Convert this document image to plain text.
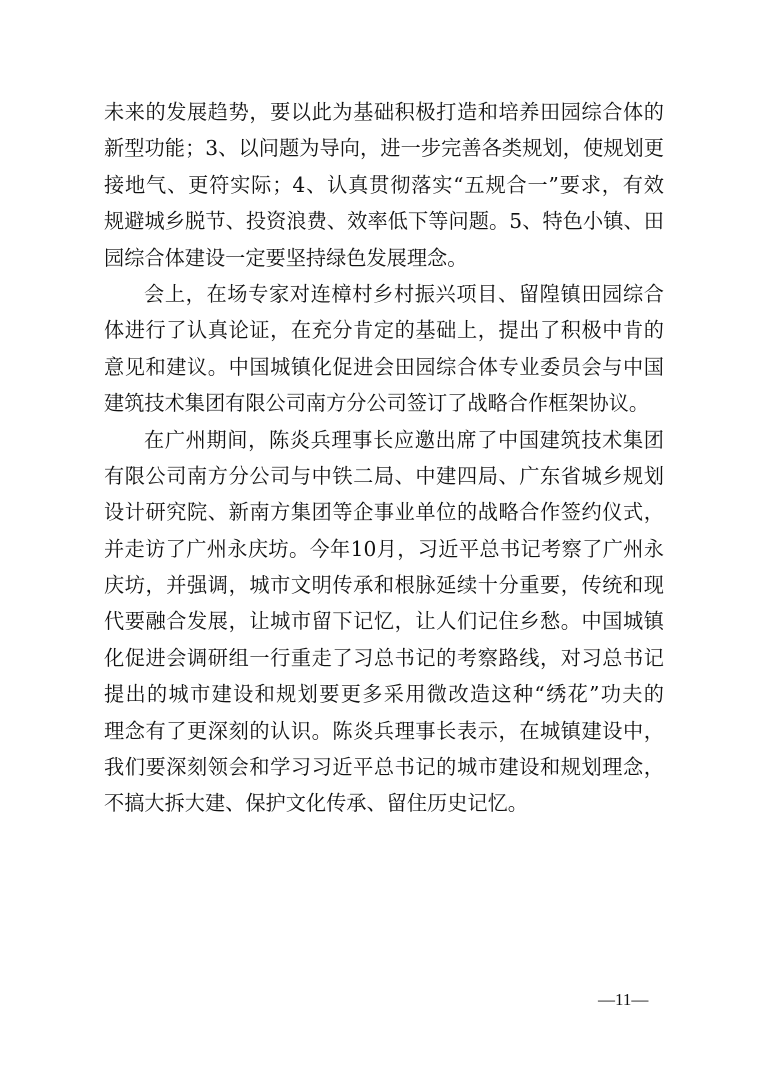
未来的发展趋势，要以此为基础积极打造和培养田园综合体的
新型功能；3、以问题为导向，进一步完善各类规划，使规划更
接地气、更符实际；4、认真贯彻落实“五规合一”要求，有效
规避城乡脱节、投资浪费、效率低下等问题。5、特色小镇、田
园综合体建设一定要坚持绿色发展理念。
会上，在场专家对连樟村乡村振兴项目、留隍镇田园综合
体进行了认真论证，在充分肯定的基础上，提出了积极中肯的
意见和建议。中国城镇化促进会田园综合体专业委员会与中国
建筑技术集团有限公司南方分公司签订了战略合作框架协议。
在广州期间，陈炎兵理事长应邀出席了中国建筑技术集团
有限公司南方分公司与中铁二局、中建四局、广东省城乡规划
设计研究院、新南方集团等企事业单位的战略合作签约仪式，
并走访了广州永庆坊。今年10月，习近平总书记考察了广州永
庆坊，并强调，城市文明传承和根脉延续十分重要，传统和现
代要融合发展，让城市留下记忆，让人们记住乡愁。中国城镇
化促进会调研组一行重走了习总书记的考察路线，对习总书记
提出的城市建设和规划要更多采用微改造这种“绣花”功夫的
理念有了更深刻的认识。陈炎兵理事长表示，在城镇建设中，
我们要深刻领会和学习习近平总书记的城市建设和规划理念，
不搞大拆大建、保护文化传承、留住历史记忆。
—11—
